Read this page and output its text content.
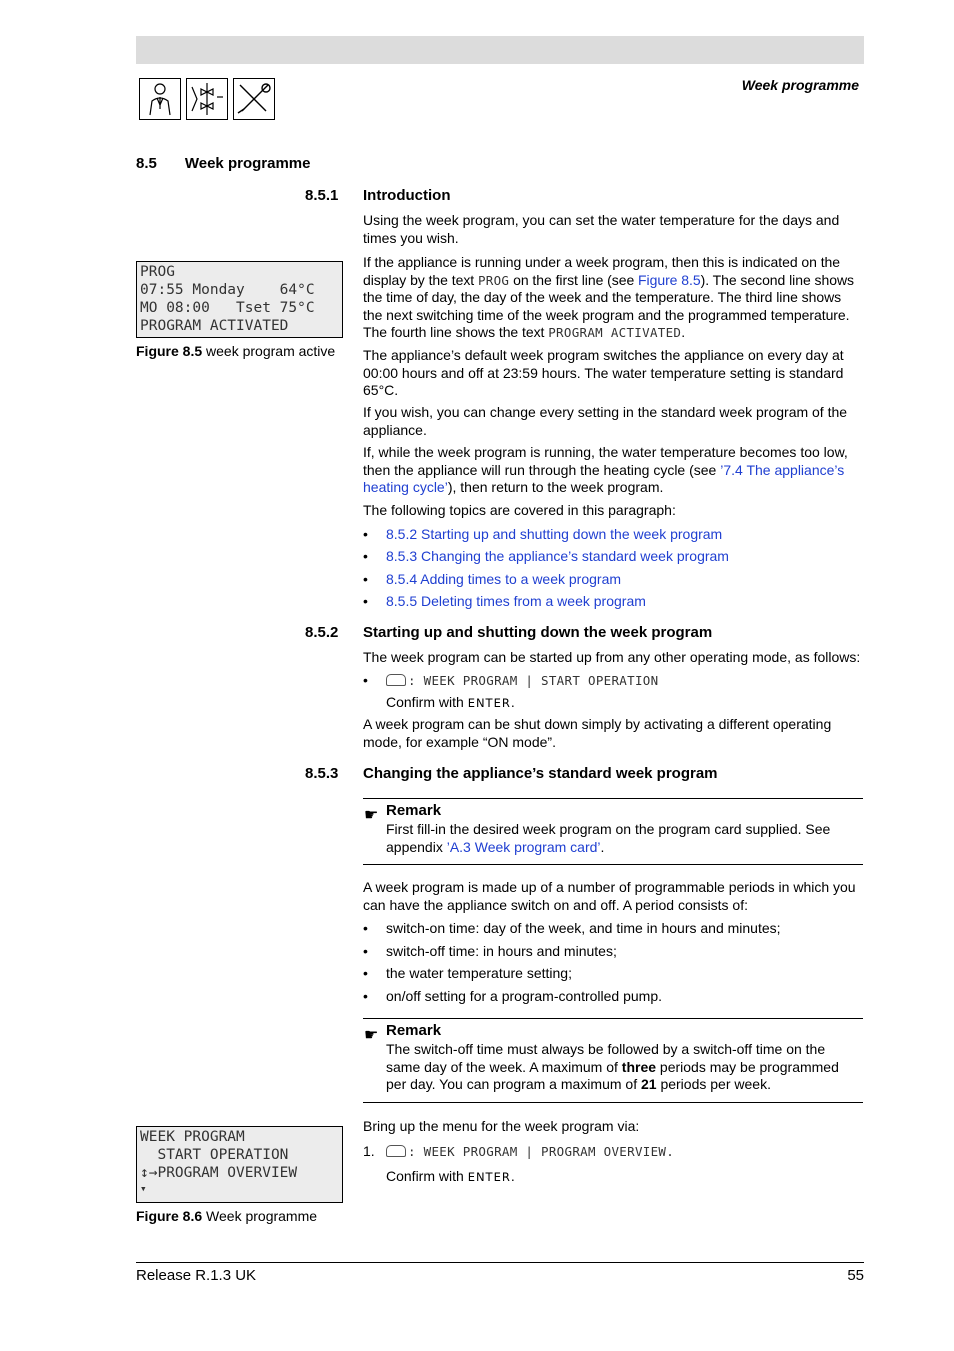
Week programme
8.5 Week programme
8.5.1 Introduction
Using the week program, you can set the water temperature for the days and times you wish.
If the appliance is running under a week program, then this is indicated on the display by the text PROG on the first line (see Figure 8.5). The second line shows the time of day, the day of the week and the temperature. The third line shows the next switching time of the week program and the programmed temperature. The fourth line shows the text PROGRAM ACTIVATED.
The appliance’s default week program switches the appliance on every day at 00:00 hours and off at 23:59 hours. The water temperature setting is standard 65°C.
If you wish, you can change every setting in the standard week program of the appliance.
If, while the week program is running, the water temperature becomes too low, then the appliance will run through the heating cycle (see ’7.4 The appliance’s heating cycle’), then return to the week program.
The following topics are covered in this paragraph:
• 8.5.2 Starting up and shutting down the week program
• 8.5.3 Changing the appliance’s standard week program
• 8.5.4 Adding times to a week program
• 8.5.5 Deleting times from a week program
PROG
07:55 Monday    64°C
MO 08:00   Tset 75°C
PROGRAM ACTIVATED
Figure 8.5 week program active
8.5.2 Starting up and shutting down the week program
The week program can be started up from any other operating mode, as follows:
•	: WEEK PROGRAM | START OPERATION
Confirm with ENTER.
A week program can be shut down simply by activating a different operating mode, for example “ON mode”.
8.5.3 Changing the appliance’s standard week program
☛ Remark
First fill-in the desired week program on the program card supplied. See appendix ’A.3 Week program card’.
A week program is made up of a number of programmable periods in which you can have the appliance switch on and off. A period consists of:
• switch-on time: day of the week, and time in hours and minutes;
• switch-off time: in hours and minutes;
• the water temperature setting;
• on/off setting for a program-controlled pump.
☛ Remark
The switch-off time must always be followed by a switch-off time on the same day of the week. A maximum of three periods may be programmed per day. You can program a maximum of 21 periods per week.
Bring up the menu for the week program via:
1.	: WEEK PROGRAM | PROGRAM OVERVIEW.
Confirm with ENTER.
WEEK PROGRAM
START OPERATION
↕→PROGRAM OVERVIEW
▾
Figure 8.6 Week programme
Release R.1.3 UK	55
